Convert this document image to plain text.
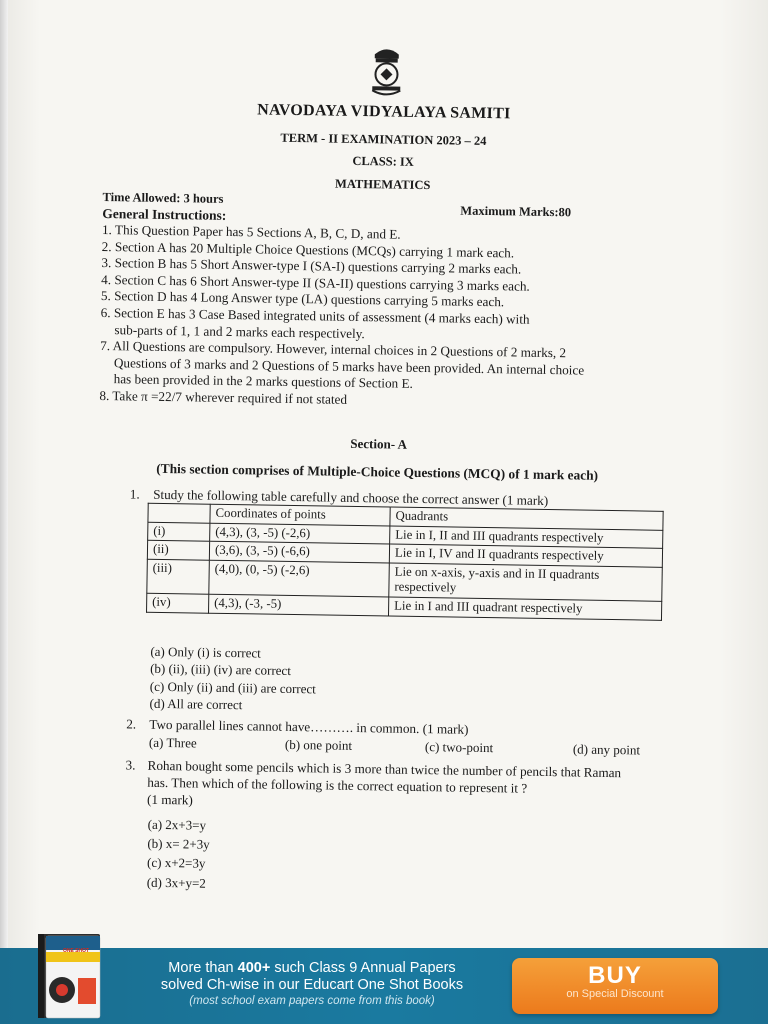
NAVODAYA VIDYALAYA SAMITI
TERM - II EXAMINATION 2023 – 24
CLASS: IX
MATHEMATICS
Time Allowed: 3 hours
General Instructions:	Maximum Marks:80

1. This Question Paper has 5 Sections A, B, C, D, and E.

2. Section A has 20 Multiple Choice Questions (MCQs) carrying 1 mark each.

3. Section B has 5 Short Answer-type I (SA-I) questions carrying 2 marks each.

4. Section C has 6 Short Answer-type II (SA-II) questions carrying 3 marks each.

5. Section D has 4 Long Answer type (LA) questions carrying 5 marks each.

6. Section E has 3 Case Based integrated units of assessment (4 marks each) with

sub-parts of 1, 1 and 2 marks each respectively.

7. All Questions are compulsory. However, internal choices in 2 Questions of 2 marks, 2

Questions of 3 marks and 2 Questions of 5 marks have been provided. An internal choice

has been provided in the 2 marks questions of Section E.

8. Take π =22/7 wherever required if not stated

Section- A
(This section comprises of Multiple-Choice Questions (MCQ) of 1 mark each)
1. Study the following table carefully and choose the correct answer (1 mark)
	Coordinates of points	Quadrants
(i)	(4,3), (3, -5) (-2,6)	Lie in I, II and III quadrants respectively
(ii)	(3,6), (3, -5) (-6,6)	Lie in I, IV and II quadrants respectively
(iii)	(4,0), (0, -5) (-2,6)	Lie on x-axis, y-axis and in II quadrants respectively
(iv)	(4,3), (-3, -5)	Lie in I and III quadrant respectively
(a) Only (i) is correct
(b) (ii), (iii) (iv) are correct
(c) Only (ii) and (iii) are correct
(d) All are correct
2. Two parallel lines cannot have………. in common. (1 mark)
(a) Three	(b) one point	(c) two-point	(d) any point
3. Rohan bought some pencils which is 3 more than twice the number of pencils that Raman has. Then which of the following is the correct equation to represent it ?
(1 mark)
(a) 2x+3=y
(b) x= 2+3y
(c) x+2=3y
(d) 3x+y=2
ONE SHOT
More than 400+ such Class 9 Annual Papers
solved Ch-wise in our Educart One Shot Books
(most school exam papers come from this book)
BUY
on Special Discount
